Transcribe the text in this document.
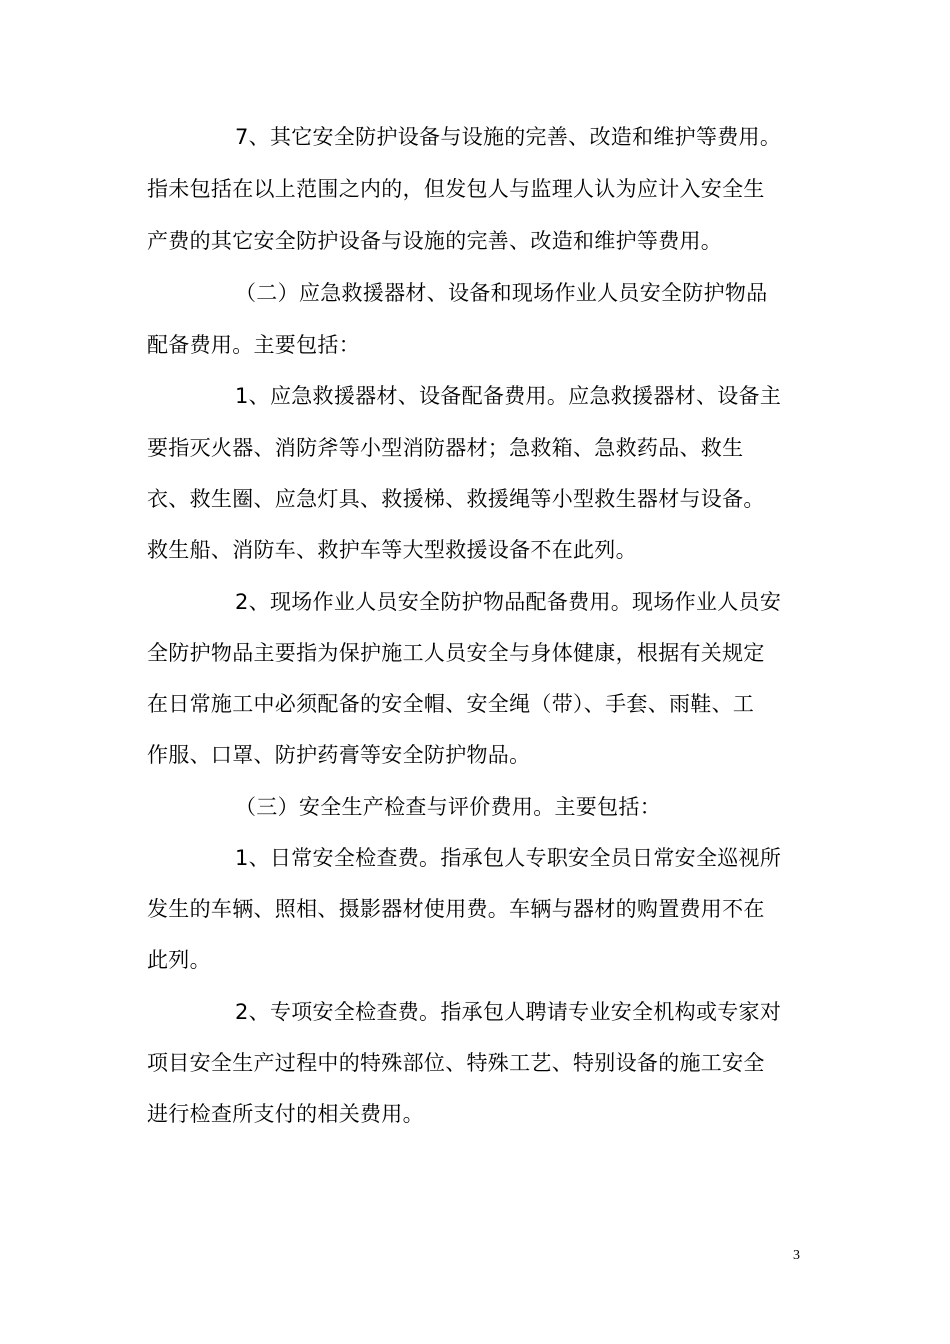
7、其它安全防护设备与设施的完善、改造和维护等费用。
指未包括在以上范围之内的，但发包人与监理人认为应计入安全生
产费的其它安全防护设备与设施的完善、改造和维护等费用。
（二）应急救援器材、设备和现场作业人员安全防护物品
配备费用。主要包括：
1、应急救援器材、设备配备费用。应急救援器材、设备主
要指灭火器、消防斧等小型消防器材；急救箱、急救药品、救生
衣、救生圈、应急灯具、救援梯、救援绳等小型救生器材与设备。
救生船、消防车、救护车等大型救援设备不在此列。
2、现场作业人员安全防护物品配备费用。现场作业人员安
全防护物品主要指为保护施工人员安全与身体健康，根据有关规定
在日常施工中必须配备的安全帽、安全绳（带）、手套、雨鞋、工
作服、口罩、防护药膏等安全防护物品。
（三）安全生产检查与评价费用。主要包括：
1、日常安全检查费。指承包人专职安全员日常安全巡视所
发生的车辆、照相、摄影器材使用费。车辆与器材的购置费用不在
此列。
2、专项安全检查费。指承包人聘请专业安全机构或专家对
项目安全生产过程中的特殊部位、特殊工艺、特别设备的施工安全
进行检查所支付的相关费用。
3
